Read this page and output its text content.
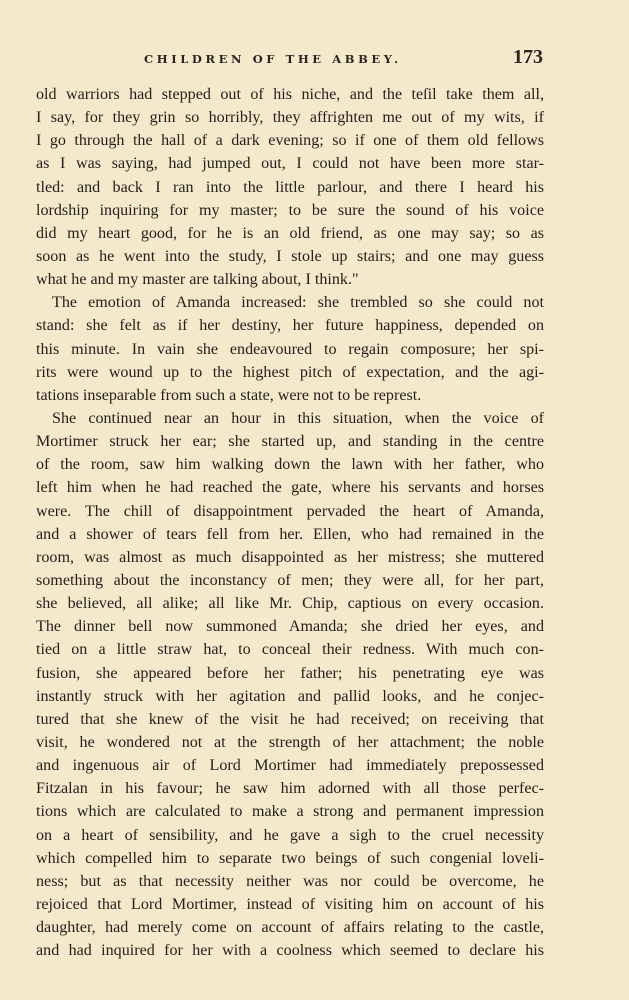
CHILDREN OF THE ABBEY.	173
old warriors had stepped out of his niche, and the teſil take them all,
I say, for they grin so horribly, they affrighten me out of my wits, if
I go through the hall of a dark evening; so if one of them old fellows
as I was saying, had jumped out, I could not have been more star-
tled: and back I ran into the little parlour, and there I heard his
lordship inquiring for my master; to be sure the sound of his voice
did my heart good, for he is an old friend, as one may say; so as
soon as he went into the study, I stole up stairs; and one may guess
what he and my master are talking about, I think."
The emotion of Amanda increased: she trembled so she could not
stand: she felt as if her destiny, her future happiness, depended on
this minute. In vain she endeavoured to regain composure; her spi-
rits were wound up to the highest pitch of expectation, and the agi-
tations inseparable from such a state, were not to be represt.
She continued near an hour in this situation, when the voice of
Mortimer struck her ear; she started up, and standing in the centre
of the room, saw him walking down the lawn with her father, who
left him when he had reached the gate, where his servants and horses
were. The chill of disappointment pervaded the heart of Amanda,
and a shower of tears fell from her. Ellen, who had remained in the
room, was almost as much disappointed as her mistress; she muttered
something about the inconstancy of men; they were all, for her part,
she believed, all alike; all like Mr. Chip, captious on every occasion.
The dinner bell now summoned Amanda; she dried her eyes, and
tied on a little straw hat, to conceal their redness. With much con-
fusion, she appeared before her father; his penetrating eye was
instantly struck with her agitation and pallid looks, and he conjec-
tured that she knew of the visit he had received; on receiving that
visit, he wondered not at the strength of her attachment; the noble
and ingenuous air of Lord Mortimer had immediately prepossessed
Fitzalan in his favour; he saw him adorned with all those perfec-
tions which are calculated to make a strong and permanent impression
on a heart of sensibility, and he gave a sigh to the cruel necessity
which compelled him to separate two beings of such congenial loveli-
ness; but as that necessity neither was nor could be overcome, he
rejoiced that Lord Mortimer, instead of visiting him on account of his
daughter, had merely come on account of affairs relating to the castle,
and had inquired for her with a coolness which seemed to declare his
